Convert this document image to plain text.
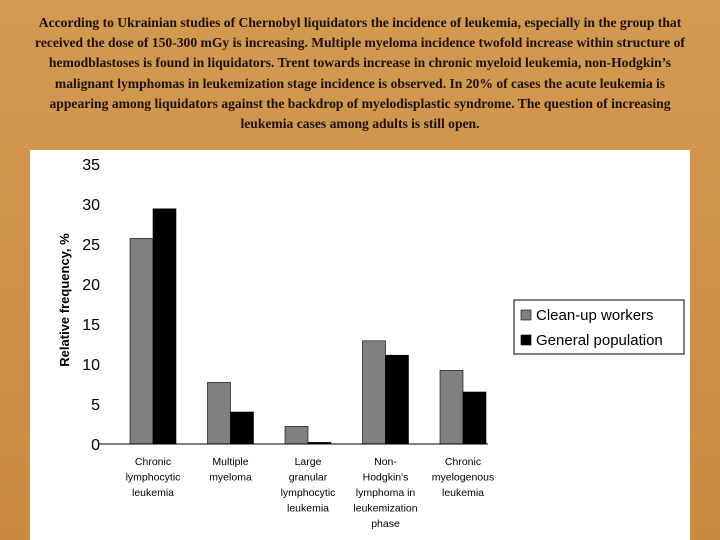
According to Ukrainian studies of Chernobyl liquidators the incidence of leukemia, especially in the group that received the dose of 150-300 mGy is increasing. Multiple myeloma incidence twofold increase within structure of hemodblastoses is found in liquidators. Trent towards increase in chronic myeloid leukemia, non-Hodgkin’s malignant lymphomas in leukemization stage incidence is observed. In 20% of cases the acute leukemia is appearing among liquidators against the backdrop of myelodisplastic syndrome. The question of increasing leukemia cases among adults is still open.
Relative frequency, %
0
5
10
15
20
25
30
35
Chronic
lymphocytic
leukemia
Multiple
myeloma
Large
granular
lymphocytic
leukemia
Non-
Hodgkin's
lymphoma in
leukemization
phase
Chronic
myelogenous
leukemia
Clean-up workers
General population
